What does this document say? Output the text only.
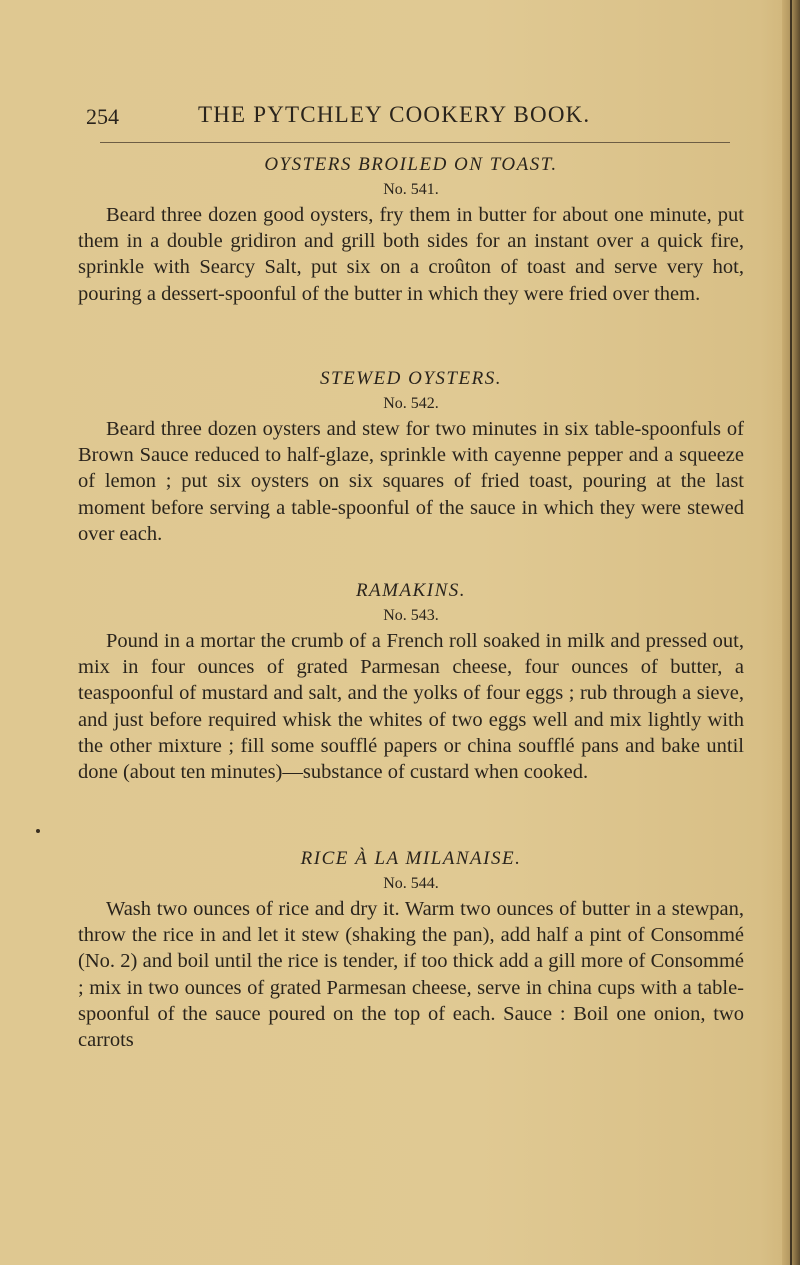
254	THE PYTCHLEY COOKERY BOOK.

OYSTERS BROILED ON TOAST.

No. 541.

Beard three dozen good oysters, fry them in butter for about one minute, put them in a double gridiron and grill both sides for an instant over a quick fire, sprinkle with Searcy Salt, put six on a croûton of toast and serve very hot, pouring a dessert-spoonful of the butter in which they were fried over them.

STEWED OYSTERS.

No. 542.

Beard three dozen oysters and stew for two minutes in six table-spoonfuls of Brown Sauce reduced to half-glaze, sprinkle with cayenne pepper and a squeeze of lemon ; put six oysters on six squares of fried toast, pouring at the last moment before serving a table-spoonful of the sauce in which they were stewed over each.

RAMAKINS.

No. 543.

Pound in a mortar the crumb of a French roll soaked in milk and pressed out, mix in four ounces of grated Parmesan cheese, four ounces of butter, a teaspoonful of mustard and salt, and the yolks of four eggs ; rub through a sieve, and just before required whisk the whites of two eggs well and mix lightly with the other mixture ; fill some soufflé papers or china soufflé pans and bake until done (about ten minutes)—substance of custard when cooked.

RICE À LA MILANAISE.

No. 544.

Wash two ounces of rice and dry it. Warm two ounces of butter in a stewpan, throw the rice in and let it stew (shaking the pan), add half a pint of Consommé (No. 2) and boil until the rice is tender, if too thick add a gill more of Consommé ; mix in two ounces of grated Parmesan cheese, serve in china cups with a table-spoonful of the sauce poured on the top of each. Sauce : Boil one onion, two carrots
